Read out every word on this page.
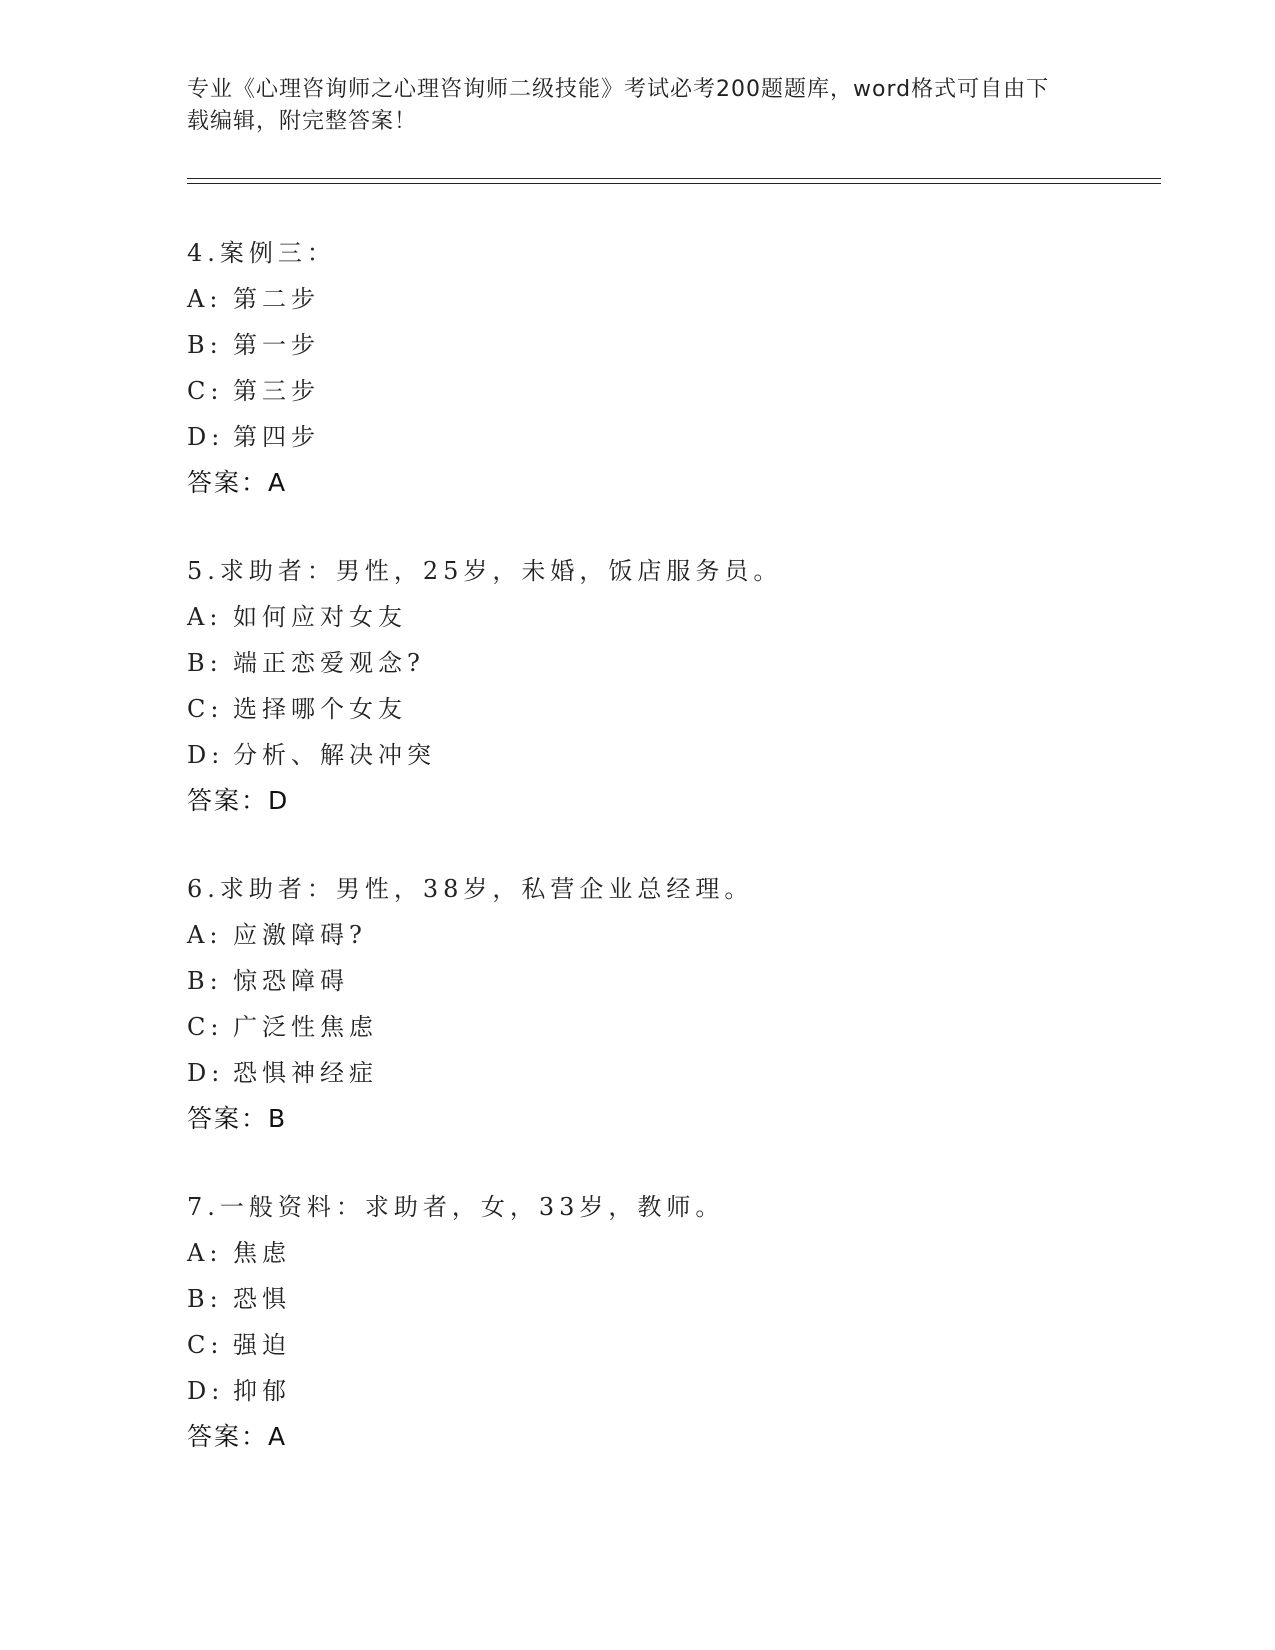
专业《心理咨询师之心理咨询师二级技能》考试必考200题题库，word格式可自由下载编辑，附完整答案！
4.案例三：
A: 第二步
B: 第一步
C: 第三步
D: 第四步
答案：A
5.求助者：男性，25岁，未婚，饭店服务员。
A: 如何应对女友
B: 端正恋爱观念?
C: 选择哪个女友
D: 分析、解决冲突
答案：D
6.求助者：男性，38岁，私营企业总经理。
A: 应激障碍?
B: 惊恐障碍
C: 广泛性焦虑
D: 恐惧神经症
答案：B
7.一般资料：求助者，女，33岁，教师。
A: 焦虑
B: 恐惧
C: 强迫
D: 抑郁
答案：A
